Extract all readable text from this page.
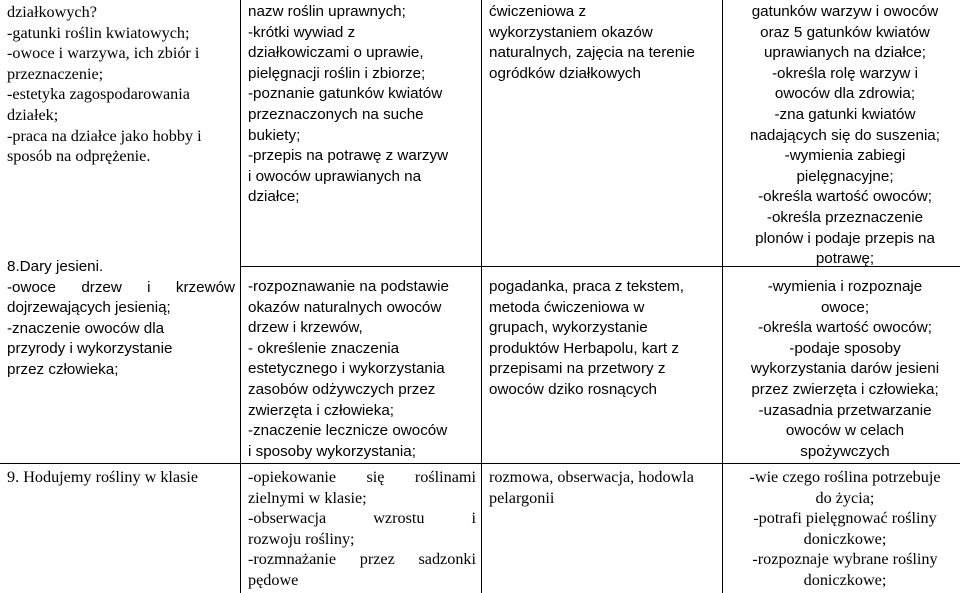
działkowych?
-gatunki roślin kwiatowych;
-owoce i warzywa, ich zbiór i
przeznaczenie;
-estetyka zagospodarowania
działek;
-praca na działce jako hobby i
sposób na odprężenie.
nazw roślin uprawnych;
-krótki wywiad z
działkowiczami o uprawie,
pielęgnacji roślin i zbiorze;
-poznanie gatunków kwiatów
przeznaczonych na suche
bukiety;
-przepis na potrawę z warzyw
i owoców uprawianych na
działce;
ćwiczeniowa z
wykorzystaniem okazów
naturalnych, zajęcia na terenie
ogródków działkowych
gatunków warzyw i owoców
oraz 5 gatunków kwiatów
uprawianych na działce;
-określa rolę warzyw i
owoców dla zdrowia;
-zna gatunki kwiatów
nadających się do suszenia;
-wymienia zabiegi
pielęgnacyjne;
-określa wartość owoców;
-określa przeznaczenie
plonów i podaje przepis na
potrawę;
8.Dary jesieni.
-owoce drzew i krzewów
dojrzewających jesienią;
-znaczenie owoców dla
przyrody i wykorzystanie
przez człowieka;
-rozpoznawanie na podstawie
okazów naturalnych owoców
drzew i krzewów,
- określenie znaczenia
estetycznego i wykorzystania
zasobów odżywczych przez
zwierzęta i człowieka;
-znaczenie lecznicze owoców
i sposoby wykorzystania;
pogadanka, praca z tekstem,
metoda ćwiczeniowa w
grupach, wykorzystanie
produktów Herbapolu, kart z
przepisami na przetwory z
owoców dziko rosnących
-wymienia i rozpoznaje
owoce;
-określa wartość owoców;
-podaje sposoby
wykorzystania darów jesieni
przez zwierzęta i człowieka;
-uzasadnia przetwarzanie
owoców w celach
spożywczych
9. Hodujemy rośliny w klasie	-opiekowanie się roślinami
zielnymi w klasie;
-obserwacja wzrostu i
rozwoju rośliny;
-rozmnażanie przez sadzonki
pędowe
rozmowa, obserwacja, hodowla
pelargonii
-wie czego roślina potrzebuje
do życia;
-potrafi pielęgnować rośliny
doniczkowe;
-rozpoznaje wybrane rośliny
doniczkowe;
